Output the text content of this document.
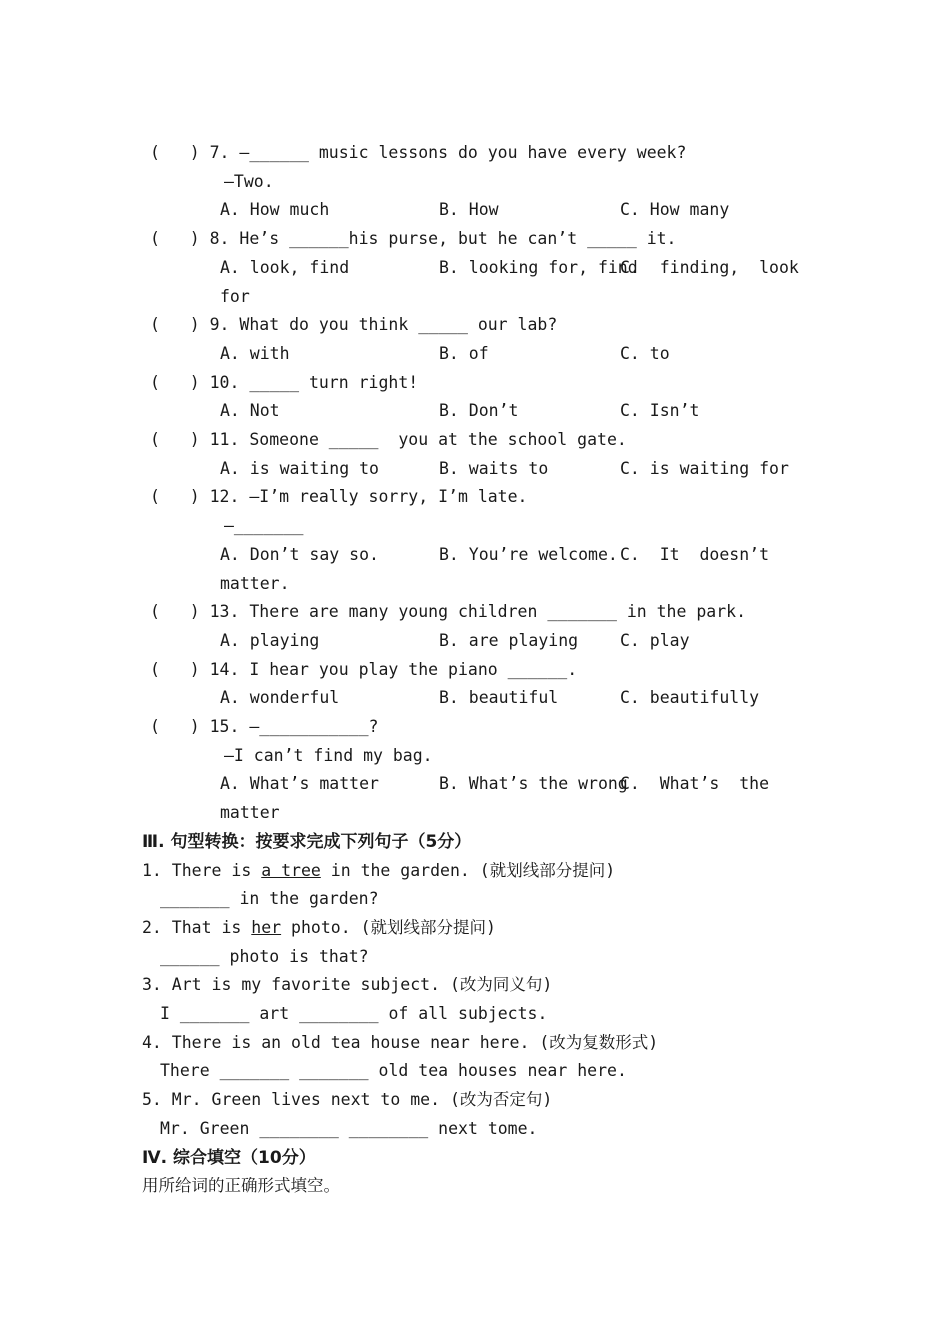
(   ) 7. —______ music lessons do you have every week?
—Two.
A. How much	B. How	C. How many
(   ) 8. He’s ______his purse, but he can’t _____ it.
A. look, find	B. looking for, find
C.  finding,  look
for
(   ) 9. What do you think _____ our lab?
A. with	B. of	C. to
(   ) 10. _____ turn right!
A. Not	B. Don’t	C. Isn’t
(   ) 11. Someone _____  you at the school gate.
A. is waiting to	B. waits to	C. is waiting for
(   ) 12. —I’m really sorry, I’m late.
—_______
A. Don’t say so.	B. You’re welcome. C.  It  doesn’t
matter.
(   ) 13. There are many young children _______ in the park.
A. playing	B. are playing	C. play
(   ) 14. I hear you play the piano ______.
A. wonderful	B. beautiful	C. beautifully
(   ) 15. —___________?
—I can’t find my bag.
A. What’s matter	B. What’s the wrong
C.  What’s  the
matter
Ⅲ. 句型转换：按要求完成下列句子（5分）
1. There is a tree in the garden. (就划线部分提问)
_______ in the garden?
2. That is her photo. (就划线部分提问)
______ photo is that?
3. Art is my favorite subject. (改为同义句)
I _______ art ________ of all subjects.
4. There is an old tea house near here. (改为复数形式)
There _______ _______ old tea houses near here.
5. Mr. Green lives next to me. (改为否定句)
Mr. Green ________ ________ next tome.
Ⅳ. 综合填空（10分）
用所给词的正确形式填空。
